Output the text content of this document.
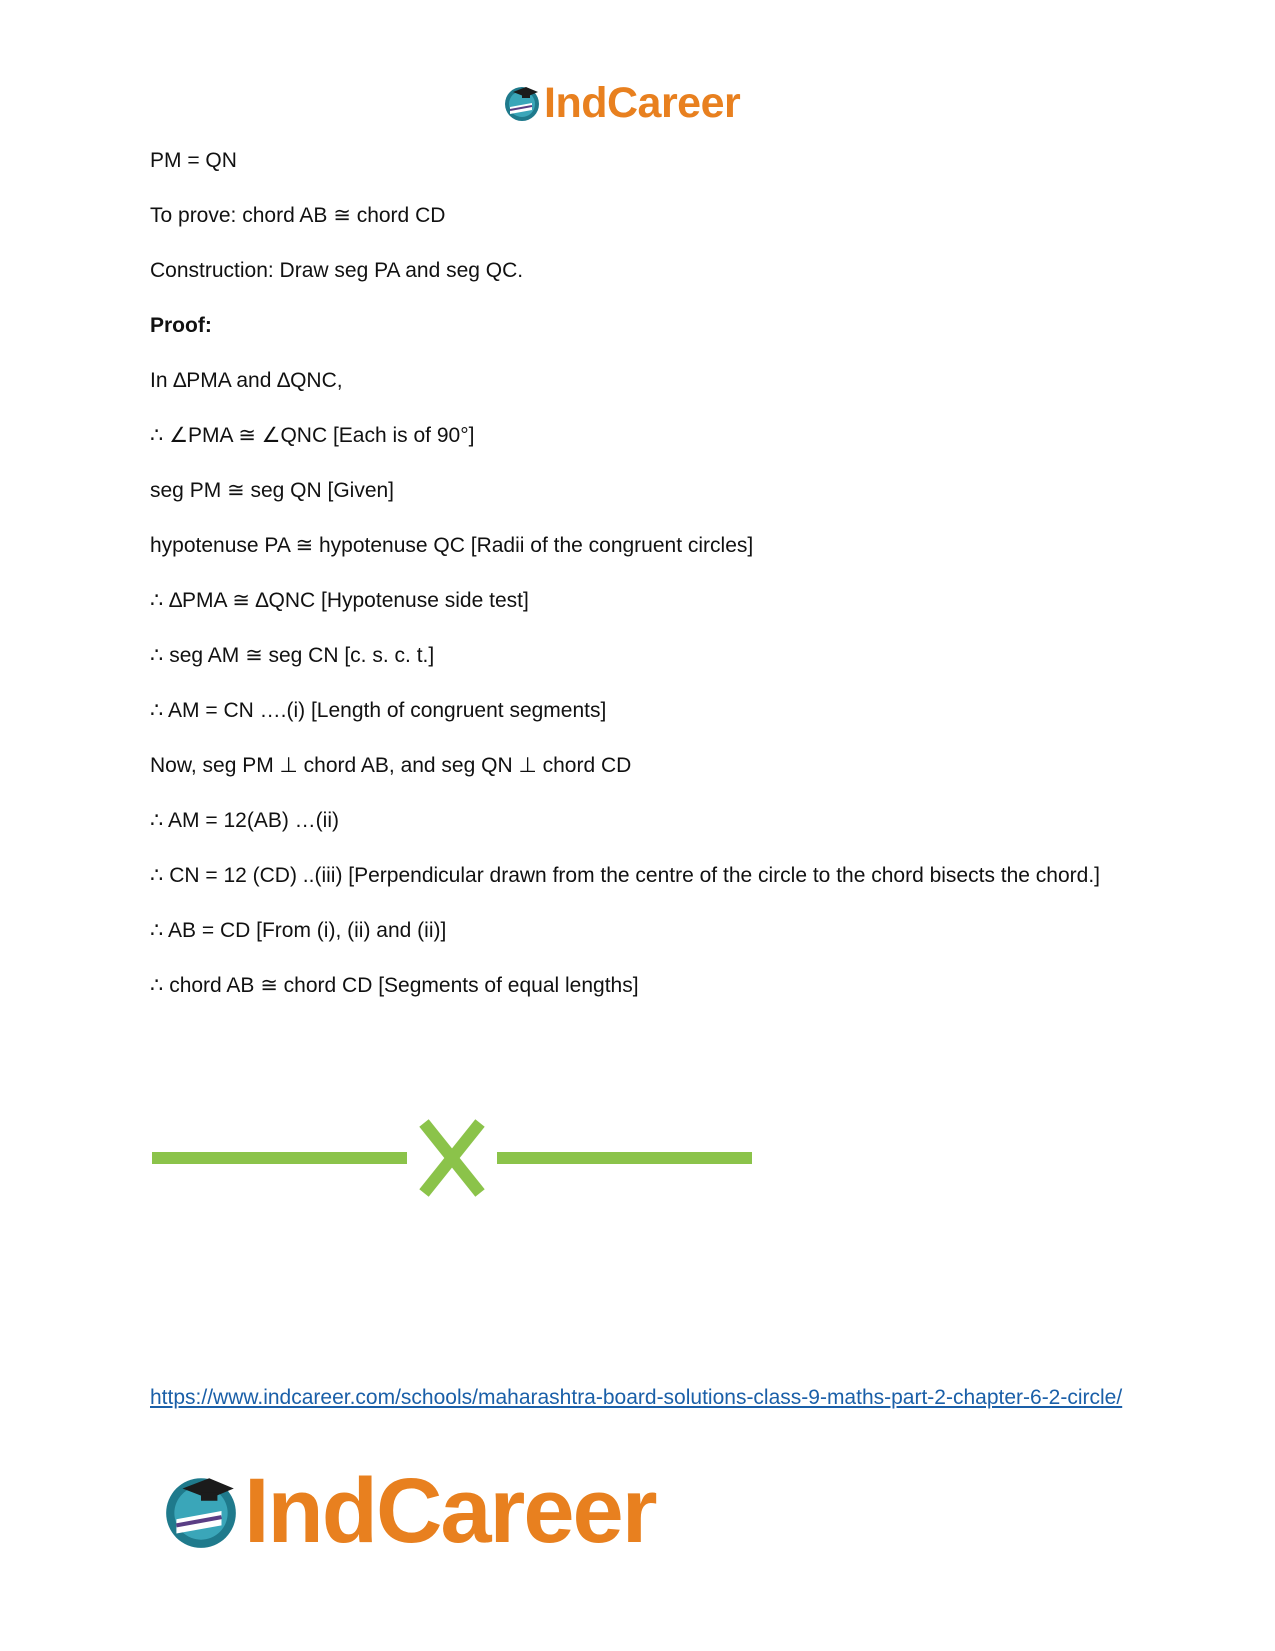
IndCareer

PM = QN

To prove: chord AB ≅ chord CD

Construction: Draw seg PA and seg QC.

Proof:

In ∆PMA and ∆QNC,

∴ ∠PMA ≅ ∠QNC [Each is of 90°]

seg PM ≅ seg QN [Given]

hypotenuse PA ≅ hypotenuse QC [Radii of the congruent circles]

∴ ∆PMA ≅ ∆QNC [Hypotenuse side test]

∴ seg AM ≅ seg CN [c. s. c. t.]

∴ AM = CN ….(i) [Length of congruent segments]

Now, seg PM ⊥ chord AB, and seg QN ⊥ chord CD

∴ AM = 12(AB) …(ii)

∴ CN = 12 (CD) ..(iii) [Perpendicular drawn from the centre of the circle to the chord bisects the chord.]

∴ AB = CD [From (i), (ii) and (ii)]

∴ chord AB ≅ chord CD [Segments of equal lengths]

https://www.indcareer.com/schools/maharashtra-board-solutions-class-9-maths-part-2-chapter-6-2-circle/
IndCareer
